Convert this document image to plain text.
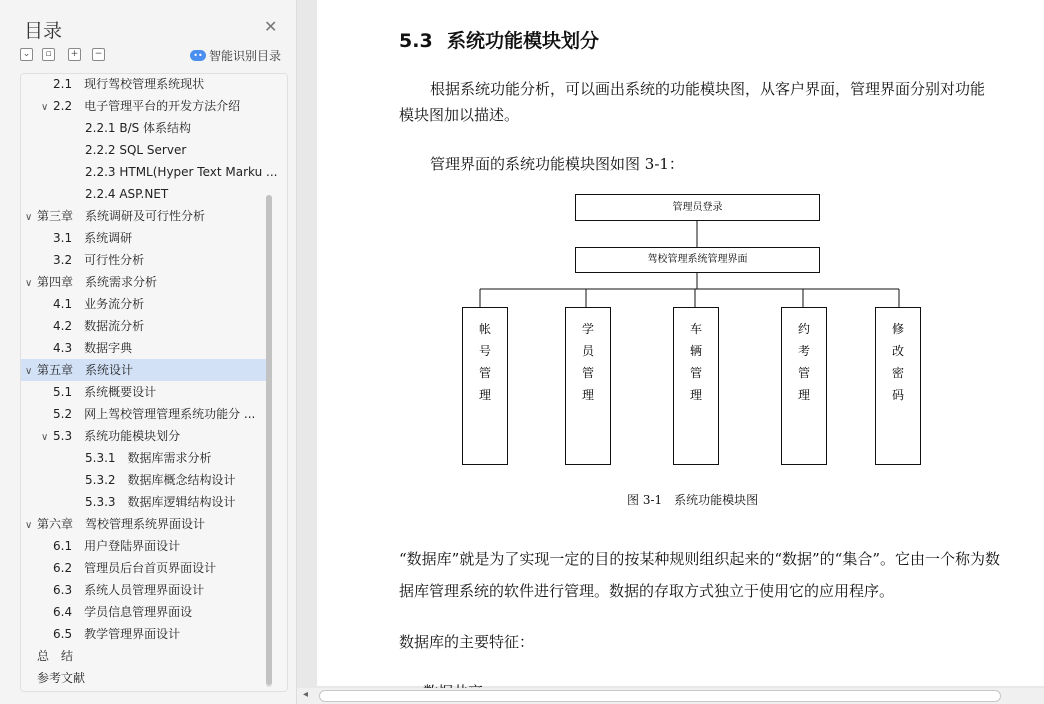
目录	✕
⌄	▫	+	−	•• 智能识别目录
2.1　现行驾校管理系统现状
∨ 2.2　电子管理平台的开发方法介绍
2.2.1 B/S 体系结构
2.2.2 SQL Server
2.2.3 HTML(Hyper Text Marku ...
2.2.4 ASP.NET
∨ 第三章　系统调研及可行性分析
3.1　系统调研
3.2　可行性分析
∨ 第四章　系统需求分析
4.1　业务流分析
4.2　数据流分析
4.3　数据字典
∨ 第五章　系统设计
5.1　系统概要设计
5.2　网上驾校管理管理系统功能分 ...
∨ 5.3　系统功能模块划分
5.3.1　数据库需求分析
5.3.2　数据库概念结构设计
5.3.3　数据库逻辑结构设计
∨ 第六章　驾校管理系统界面设计
6.1　用户登陆界面设计
6.2　管理员后台首页界面设计
6.3　系统人员管理界面设计
6.4　学员信息管理界面设
6.5　教学管理界面设计
总　结
参考文献
5.3 系统功能模块划分
根据系统功能分析，可以画出系统的功能模块图，从客户界面，管理界面分别对功能
模块图加以描述。
管理界面的系统功能模块图如图 3-1：
管理员登录
驾校管理系统管理界面
帐号管理
学员管理
车辆管理
约考管理
修改密码
图 3-1　系统功能模块图
“数据库”就是为了实现一定的目的按某种规则组织起来的“数据”的“集合”。它由一个称为数
据库管理系统的软件进行管理。数据的存取方式独立于使用它的应用程序。
数据库的主要特征：
◂
